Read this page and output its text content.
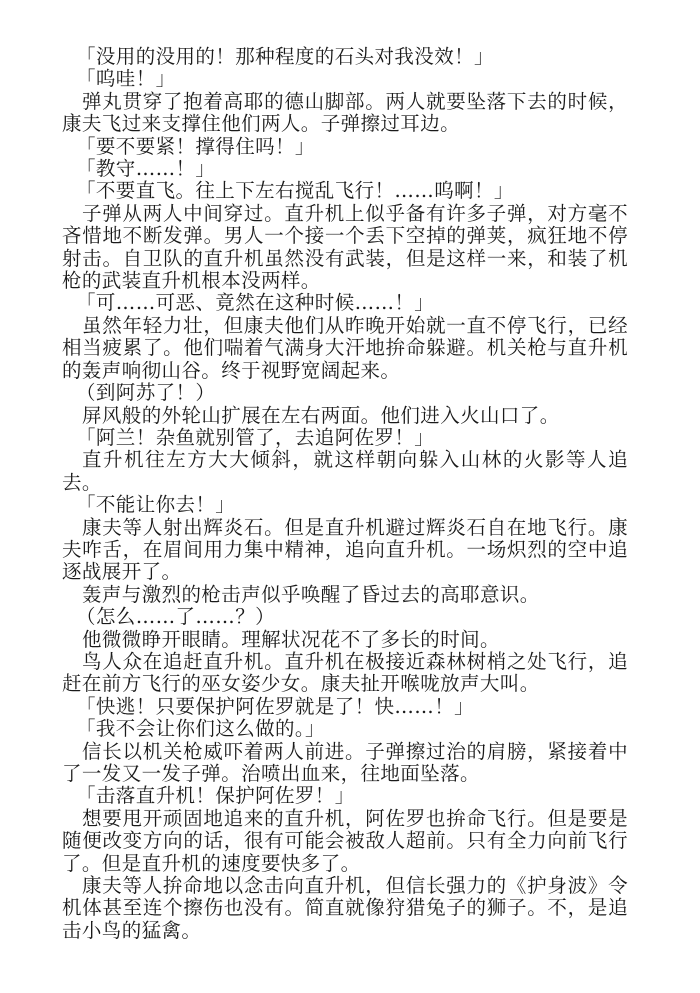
「没用的没用的！那种程度的石头对我没效！」

「呜哇！」

弹丸贯穿了抱着高耶的德山脚部。两人就要坠落下去的时候，康夫飞过来支撑住他们两人。子弹擦过耳边。

「要不要紧！撑得住吗！」

「教守……！」

「不要直飞。往上下左右搅乱飞行！……呜啊！」

子弹从两人中间穿过。直升机上似乎备有许多子弹，对方毫不吝惜地不断发弹。男人一个接一个丢下空掉的弹荚，疯狂地不停射击。自卫队的直升机虽然没有武装，但是这样一来，和装了机枪的武装直升机根本没两样。

「可……可恶、竟然在这种时候……！」

虽然年轻力壮，但康夫他们从昨晚开始就一直不停飞行，已经相当疲累了。他们喘着气满身大汗地拚命躲避。机关枪与直升机的轰声响彻山谷。终于视野宽阔起来。

（到阿苏了！）

屏风般的外轮山扩展在左右两面。他们进入火山口了。

「阿兰！杂鱼就别管了，去追阿佐罗！」

直升机往左方大大倾斜，就这样朝向躲入山林的火影等人追去。

「不能让你去！」

康夫等人射出辉炎石。但是直升机避过辉炎石自在地飞行。康夫咋舌，在眉间用力集中精神，追向直升机。一场炽烈的空中追逐战展开了。

轰声与激烈的枪击声似乎唤醒了昏过去的高耶意识。

（怎么……了……？）

他微微睁开眼睛。理解状况花不了多长的时间。

鸟人众在追赶直升机。直升机在极接近森林树梢之处飞行，追赶在前方飞行的巫女姿少女。康夫扯开喉咙放声大叫。

「快逃！只要保护阿佐罗就是了！快……！」

「我不会让你们这么做的。」

信长以机关枪威吓着两人前进。子弹擦过治的肩膀，紧接着中了一发又一发子弹。治喷出血来，往地面坠落。

「击落直升机！保护阿佐罗！」

想要甩开顽固地追来的直升机，阿佐罗也拚命飞行。但是要是随便改变方向的话，很有可能会被敌人超前。只有全力向前飞行了。但是直升机的速度要快多了。

康夫等人拚命地以念击向直升机，但信长强力的《护身波》令机体甚至连个擦伤也没有。简直就像狩猎兔子的狮子。不，是追击小鸟的猛禽。
